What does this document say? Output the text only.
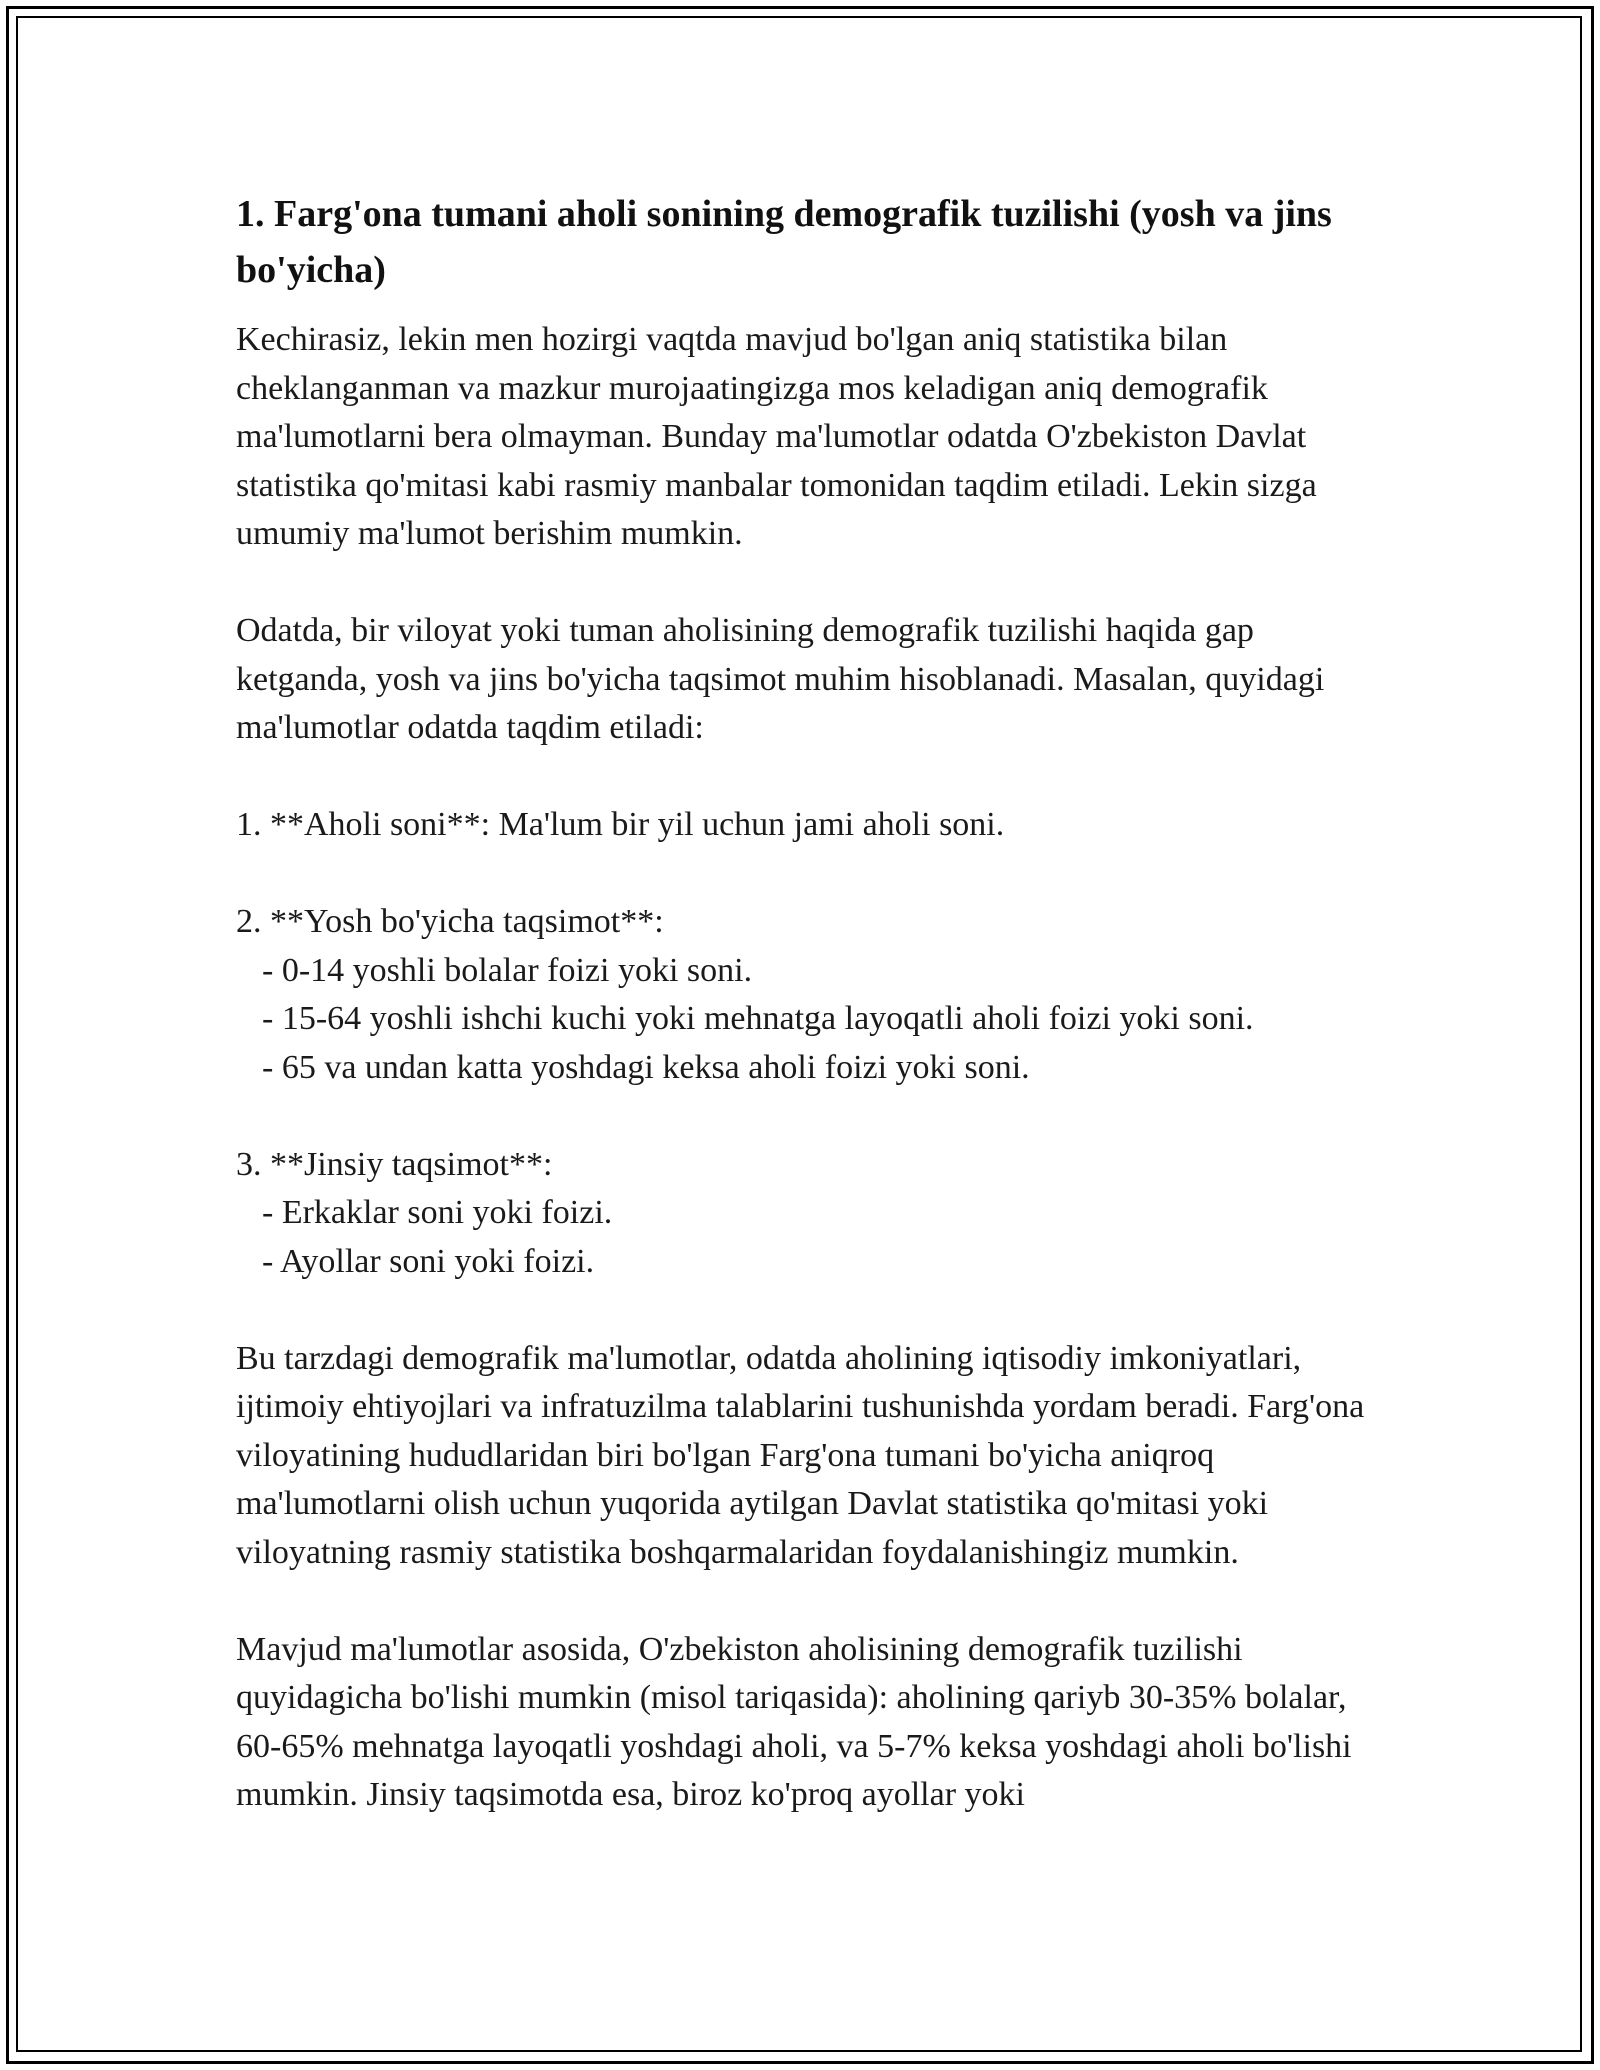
1. Farg'ona tumani aholi sonining demografik tuzilishi (yosh va jins bo'yicha)

Kechirasiz, lekin men hozirgi vaqtda mavjud bo'lgan aniq statistika bilan cheklanganman va mazkur murojaatingizga mos keladigan aniq demografik ma'lumotlarni bera olmayman. Bunday ma'lumotlar odatda O'zbekiston Davlat statistika qo'mitasi kabi rasmiy manbalar tomonidan taqdim etiladi. Lekin sizga umumiy ma'lumot berishim mumkin.

Odatda, bir viloyat yoki tuman aholisining demografik tuzilishi haqida gap ketganda, yosh va jins bo'yicha taqsimot muhim hisoblanadi. Masalan, quyidagi ma'lumotlar odatda taqdim etiladi:

1. **Aholi soni**: Ma'lum bir yil uchun jami aholi soni.
2. **Yosh bo'yicha taqsimot**:
- 0-14 yoshli bolalar foizi yoki soni.
- 15-64 yoshli ishchi kuchi yoki mehnatga layoqatli aholi foizi yoki soni.
- 65 va undan katta yoshdagi keksa aholi foizi yoki soni.
3. **Jinsiy taqsimot**:
- Erkaklar soni yoki foizi.
- Ayollar soni yoki foizi.

Bu tarzdagi demografik ma'lumotlar, odatda aholining iqtisodiy imkoniyatlari, ijtimoiy ehtiyojlari va infratuzilma talablarini tushunishda yordam beradi. Farg'ona viloyatining hududlaridan biri bo'lgan Farg'ona tumani bo'yicha aniqroq ma'lumotlarni olish uchun yuqorida aytilgan Davlat statistika qo'mitasi yoki viloyatning rasmiy statistika boshqarmalaridan foydalanishingiz mumkin.

Mavjud ma'lumotlar asosida, O'zbekiston aholisining demografik tuzilishi quyidagicha bo'lishi mumkin (misol tariqasida): aholining qariyb 30-35% bolalar, 60-65% mehnatga layoqatli yoshdagi aholi, va 5-7% keksa yoshdagi aholi bo'lishi mumkin. Jinsiy taqsimotda esa, biroz ko'proq ayollar yoki
